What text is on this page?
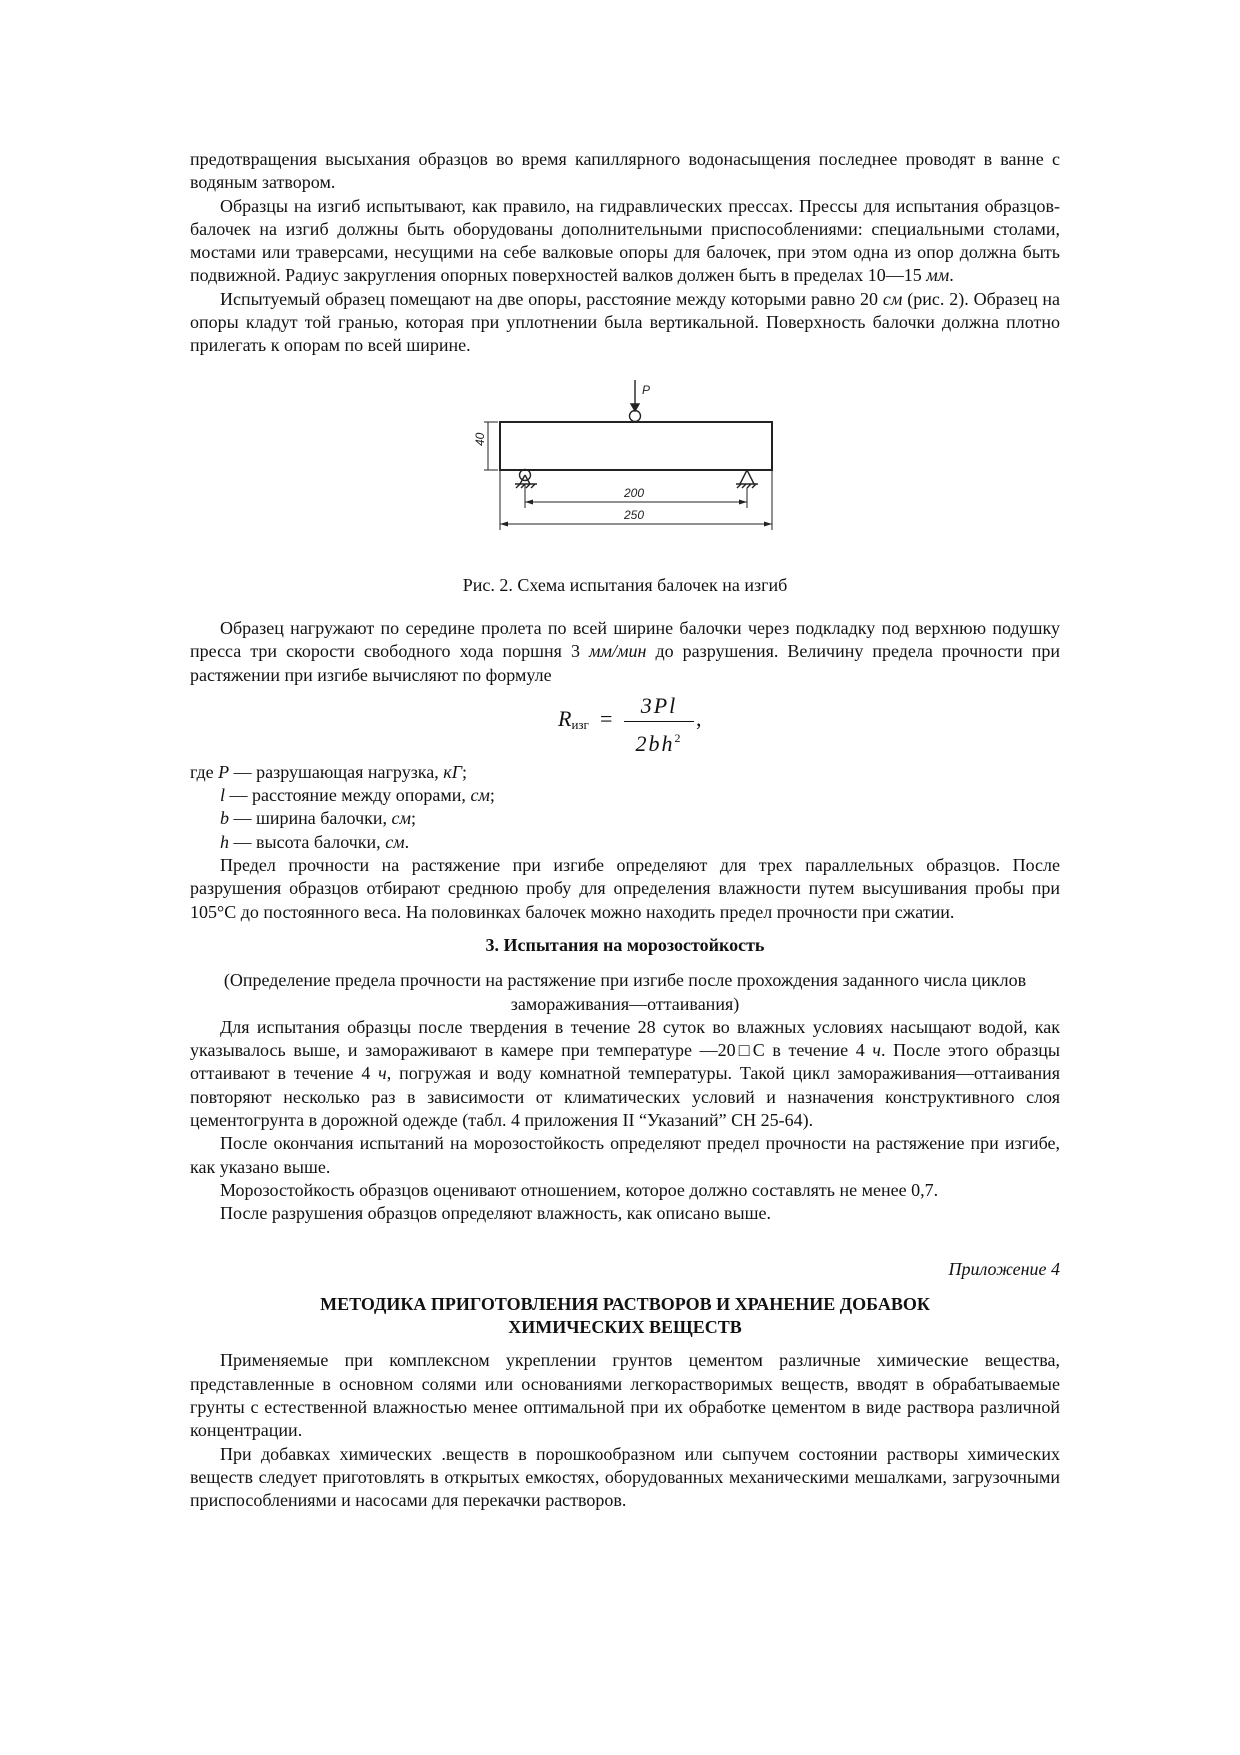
предотвращения высыхания образцов во время капиллярного водонасыщения последнее проводят в ванне с водяным затвором.

Образцы на изгиб испытывают, как правило, на гидравлических прессах. Прессы для испытания образцов-балочек на изгиб должны быть оборудованы дополнительными приспособлениями: специальными столами, мостами или траверсами, несущими на себе валковые опоры для балочек, при этом одна из опор должна быть подвижной. Радиус закругления опорных поверхностей валков должен быть в пределах 10—15 мм.

Испытуемый образец помещают на две опоры, расстояние между которыми равно 20 см (рис. 2). Образец на опоры кладут той гранью, которая при уплотнении была вертикальной. Поверхность балочки должна плотно прилегать к опорам по всей ширине.

P
40
200
250

Рис. 2. Схема испытания балочек на изгиб

Образец нагружают по середине пролета по всей ширине балочки через подкладку под верхнюю подушку пресса три скорости свободного хода поршня 3 мм/мин до разрушения. Величину предела прочности при растяжении при изгибе вычисляют по формуле

$R_{изг} = \frac{3Pl}{2bh^2}$ ,

где P — разрушающая нагрузка, кГ;

l — расстояние между опорами, см;

b — ширина балочки, см;

h — высота балочки, см.

Предел прочности на растяжение при изгибе определяют для трех параллельных образцов. После разрушения образцов отбирают среднюю пробу для определения влажности путем высушивания пробы при 105°С до постоянного веса. На половинках балочек можно находить предел прочности при сжатии.

3. Испытания на морозостойкость

(Определение предела прочности на растяжение при изгибе после прохождения заданного числа циклов замораживания—оттаивания)

Для испытания образцы после твердения в течение 28 суток во влажных условиях насыщают водой, как указывалось выше, и замораживают в камере при температуре —20□С в течение 4 ч. После этого образцы оттаивают в течение 4 ч, погружая и воду комнатной температуры. Такой цикл замораживания—оттаивания повторяют несколько раз в зависимости от климатических условий и назначения конструктивного слоя цементогрунта в дорожной одежде (табл. 4 приложения II “Указаний” СН 25-64).

После окончания испытаний на морозостойкость определяют предел прочности на растяжение при изгибе, как указано выше.

Морозостойкость образцов оценивают отношением, которое должно составлять не менее 0,7.

После разрушения образцов определяют влажность, как описано выше.

Приложение 4

МЕТОДИКА ПРИГОТОВЛЕНИЯ РАСТВОРОВ И ХРАНЕНИЕ ДОБАВОК
ХИМИЧЕСКИХ ВЕЩЕСТВ

Применяемые при комплексном укреплении грунтов цементом различные химические вещества, представленные в основном солями или основаниями легкорастворимых веществ, вводят в обрабатываемые грунты с естественной влажностью менее оптимальной при их обработке цементом в виде раствора различной концентрации.

При добавках химических .веществ в порошкообразном или сыпучем состоянии растворы химических веществ следует приготовлять в открытых емкостях, оборудованных механическими мешалками, загрузочными приспособлениями и насосами для перекачки растворов.
